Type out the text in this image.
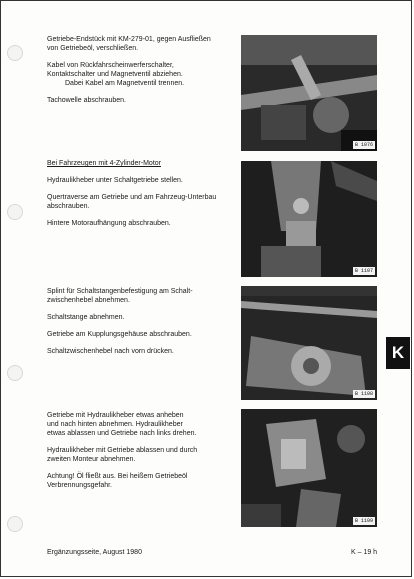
Getriebe-Endstück mit KM-279-01, gegen Ausfließen
von Getriebeöl, verschließen.

Kabel von Rückfahrscheinwerferschalter,
Kontaktschalter und Magnetventil abziehen.
Dabei Kabel am Magnetventil trennen.

Tachowelle abschrauben.

B 1076

Bei Fahrzeugen mit 4-Zylinder-Motor

Hydraulikheber unter Schaltgetriebe stellen.

Quertraverse am Getriebe und am Fahrzeug-Unterbau
abschrauben.

Hintere Motoraufhängung abschrauben.

B 1107

Splint für Schaltstangenbefestigung am Schalt-
zwischenhebel abnehmen.

Schaltstange abnehmen.

Getriebe am Kupplungsgehäuse abschrauben.

Schaltzwischenhebel nach vorn drücken.

B 1108

Getriebe mit Hydraulikheber etwas anheben
und nach hinten abnehmen. Hydraulikheber
etwas ablassen und Getriebe nach links drehen.

Hydraulikheber mit Getriebe ablassen und durch
zweiten Monteur abnehmen.

Achtung! Öl fließt aus. Bei heißem Getriebeöl
Verbrennungsgefahr.

B 1109
K
Ergänzungsseite, August 1980	K – 19 h
